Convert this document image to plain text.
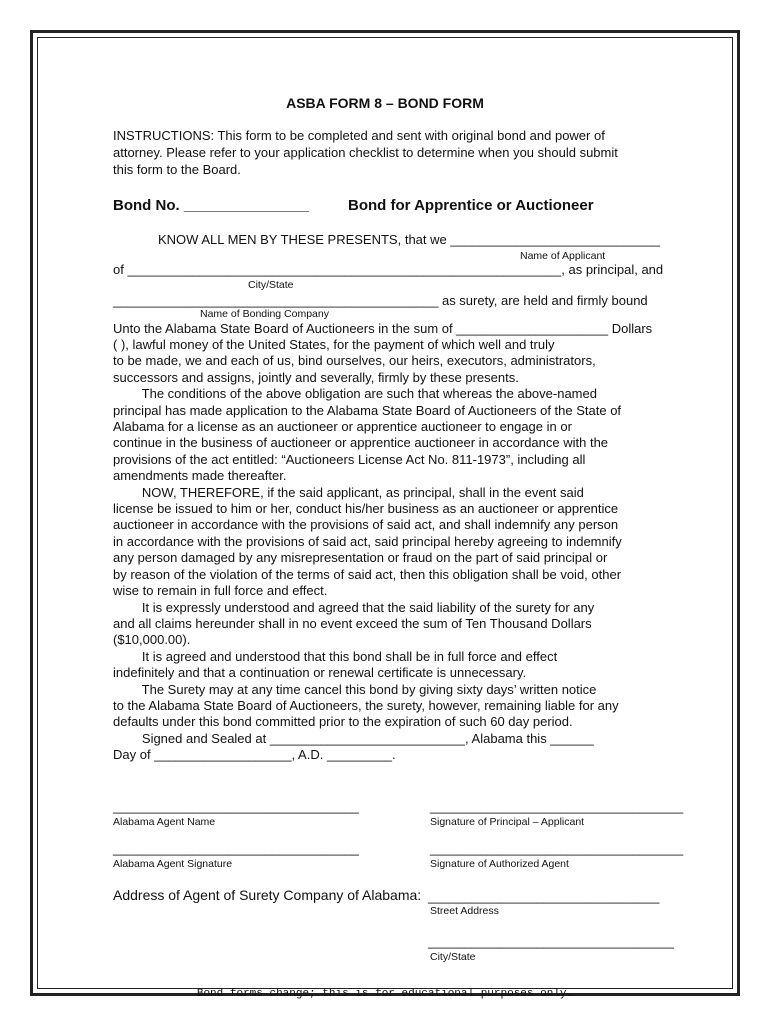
ASBA FORM 8 – BOND FORM
INSTRUCTIONS: This form to be completed and sent with original bond and power of
attorney. Please refer to your application checklist to determine when you should submit
this form to the Board.
Bond No. _______________	Bond for Apprentice or Auctioneer
KNOW ALL MEN BY THESE PRESENTS, that we _____________________________
Name of Applicant
of ____________________________________________________________, as principal, and
City/State
_____________________________________________ as surety, are held and firmly bound
Name of Bonding Company
Unto the Alabama State Board of Auctioneers in the sum of _____________________ Dollars
( ), lawful money of the United States, for the payment of which well and truly
to be made, we and each of us, bind ourselves, our heirs, executors, administrators,
successors and assigns, jointly and severally, firmly by these presents.
The conditions of the above obligation are such that whereas the above-named
principal has made application to the Alabama State Board of Auctioneers of the State of
Alabama for a license as an auctioneer or apprentice auctioneer to engage in or
continue in the business of auctioneer or apprentice auctioneer in accordance with the
provisions of the act entitled: “Auctioneers License Act No. 811-1973”, including all
amendments made thereafter.
NOW, THEREFORE, if the said applicant, as principal, shall in the event said
license be issued to him or her, conduct his/her business as an auctioneer or apprentice
auctioneer in accordance with the provisions of said act, and shall indemnify any person
in accordance with the provisions of said act, said principal hereby agreeing to indemnify
any person damaged by any misrepresentation or fraud on the part of said principal or
by reason of the violation of the terms of said act, then this obligation shall be void, other
wise to remain in full force and effect.
It is expressly understood and agreed that the said liability of the surety for any
and all claims hereunder shall in no event exceed the sum of Ten Thousand Dollars
($10,000.00).
It is agreed and understood that this bond shall be in full force and effect
indefinitely and that a continuation or renewal certificate is unnecessary.
The Surety may at any time cancel this bond by giving sixty days’ written notice
to the Alabama State Board of Auctioneers, the surety, however, remaining liable for any
defaults under this bond committed prior to the expiration of such 60 day period.
Signed and Sealed at ___________________________, Alabama this ______
Day of ___________________, A.D. _________.
__________________________________
Alabama Agent Name
___________________________________
Signature of Principal – Applicant
__________________________________
Alabama Agent Signature
___________________________________
Signature of Authorized Agent
Address of Agent of Surety Company of Alabama: ________________________________
Street Address
__________________________________
City/State
Bond forms change; this is for educational purposes only.
